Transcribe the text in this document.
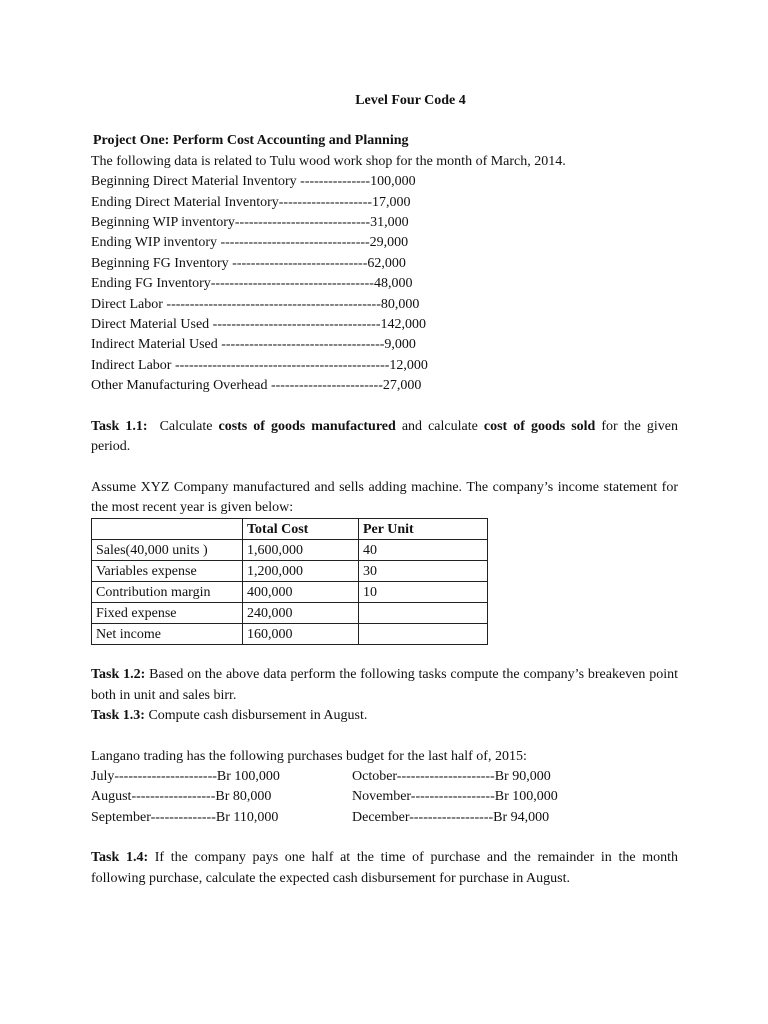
Level Four Code 4
Project One: Perform Cost Accounting and Planning
The following data is related to Tulu wood work shop for the month of March, 2014.
Beginning Direct Material Inventory ---------------100,000
Ending Direct Material Inventory--------------------17,000
Beginning WIP inventory-----------------------------31,000
Ending WIP inventory --------------------------------29,000
Beginning FG Inventory -----------------------------62,000
Ending FG Inventory-----------------------------------48,000
Direct Labor ----------------------------------------------80,000
Direct Material Used ------------------------------------142,000
Indirect Material Used -----------------------------------9,000
Indirect Labor ----------------------------------------------12,000
Other Manufacturing Overhead ------------------------27,000
Task 1.1:  Calculate costs of goods manufactured and calculate cost of goods sold for the given period.
Assume XYZ Company manufactured and sells adding machine. The company’s income statement for the most recent year is given below:
	Total Cost	Per Unit
Sales(40,000 units )	1,600,000	40
Variables expense	1,200,000	30
Contribution margin	400,000	10
Fixed expense	240,000	
Net income	160,000	
Task 1.2: Based on the above data perform the following tasks compute the company’s breakeven point both in unit and sales birr.
Task 1.3: Compute cash disbursement in August.
Langano trading has the following purchases budget for the last half of, 2015:
July----------------------Br 100,000	October---------------------Br 90,000
August------------------Br 80,000	November------------------Br 100,000
September--------------Br 110,000	December------------------Br 94,000
Task 1.4: If the company pays one half at the time of purchase and the remainder in the month following purchase, calculate the expected cash disbursement for purchase in August.
